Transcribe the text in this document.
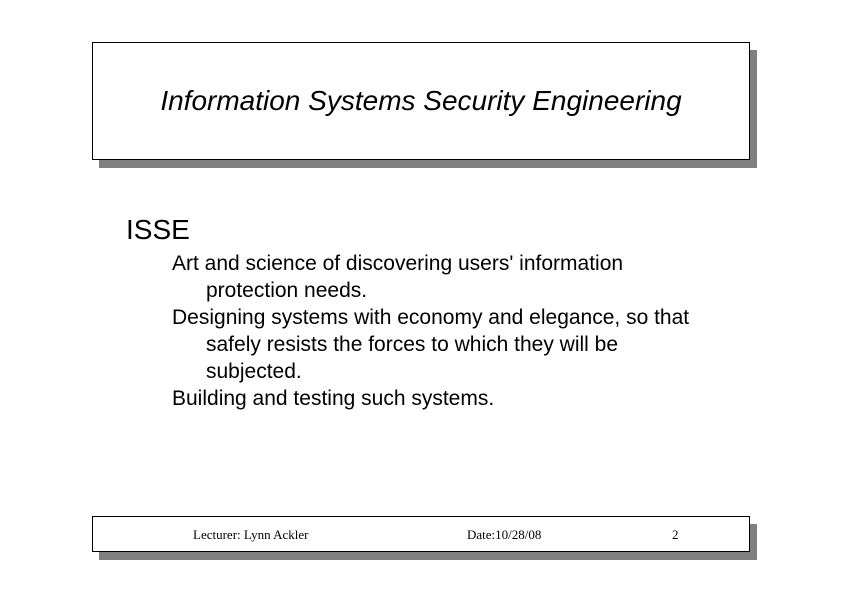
Information Systems Security Engineering
ISSE
Art and science of discovering users' information protection needs.
Designing systems with economy and elegance, so that safely resists the forces to which they will be subjected.
Building and testing such systems.
Lecturer: Lynn Ackler	Date:10/28/08	2
